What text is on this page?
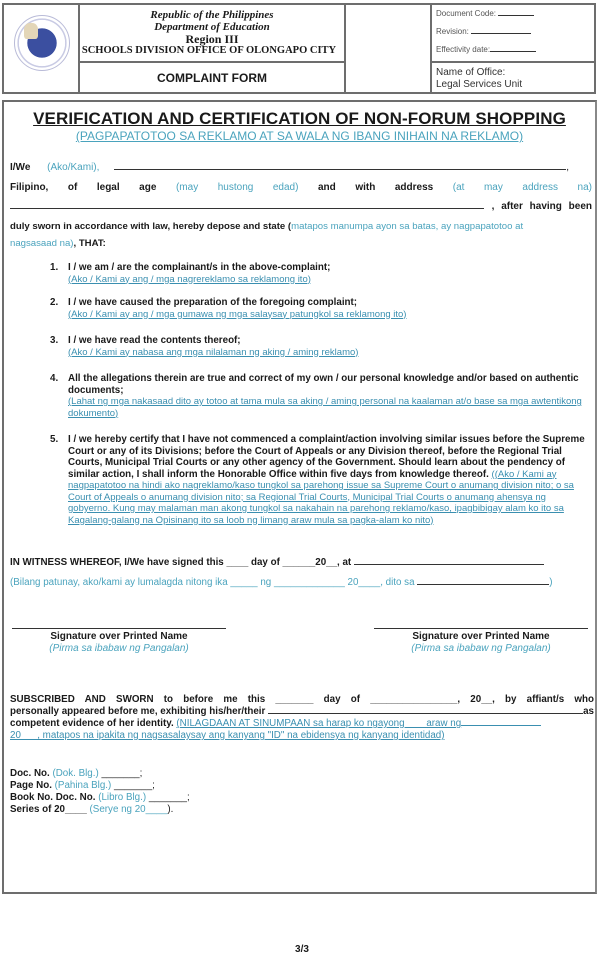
Republic of the Philippines
Department of Education
Region III
SCHOOLS DIVISION OFFICE OF OLONGAPO CITY
COMPLAINT FORM
Document Code:
Revision:
Effectivity date:
Name of Office:
Legal Services Unit
VERIFICATION AND CERTIFICATION OF NON-FORUM SHOPPING
(PAGPAPATOTOO SA REKLAMO AT SA WALA NG IBANG INIHAIN NA REKLAMO)
I/We (Ako/Kami),	,
Filipino, of legal age (may hustong edad) and with address (at may address na)
, after having been
duly sworn in accordance with law, hereby depose and state (matapos manumpa ayon sa batas, ay nagpapatotoo at
nagsasaad na), THAT:
1. I / we am / are the complainant/s in the above-complaint;
(Ako / Kami ay ang / mga nagrereklamo sa reklamong ito)
2. I / we have caused the preparation of the foregoing complaint;
(Ako / Kami ay ang / mga gumawa ng mga salaysay patungkol sa reklamong ito)
3. I / we have read the contents thereof;
(Ako / Kami ay nabasa ang mga nilalaman ng aking / aming reklamo)
4. All the allegations therein are true and correct of my own / our personal knowledge and/or based on authentic documents;
(Lahat ng mga nakasaad dito ay totoo at tama mula sa aking / aming personal na kaalaman at/o base sa mga awtentikong dokumento)
5. I / we hereby certify that I have not commenced a complaint/action involving similar issues before the Supreme Court or any of its Divisions; before the Court of Appeals or any Division thereof, before the Regional Trial Courts, Municipal Trial Courts or any other agency of the Government. Should learn about the pendency of similar action, I shall inform the Honorable Office within five days from knowledge thereof. ((Ako / Kami ay nagpapatotoo na hindi ako nagreklamo/kaso tungkol sa parehong issue sa Supreme Court o anumang division nito; o sa Court of Appeals o anumang division nito; sa Regional Trial Courts, Municipal Trial Courts o anumang ahensya ng gobyerno. Kung may malaman man akong tungkol sa nakahain na parehong reklamo/kaso, ipagbibigay alam ko ito sa Kagalang-galang na Opisinang ito sa loob ng limang araw mula sa pagka-alam ko nito)
IN WITNESS WHEREOF, I/We have signed this ____ day of ______20__, at
(Bilang patunay, ako/kami ay lumalagda nitong ika _____ ng _____________ 20____, dito sa	)
Signature over Printed Name
(Pirma sa ibabaw ng Pangalan)
Signature over Printed Name
(Pirma sa ibabaw ng Pangalan)
SUBSCRIBED AND SWORN to before me this _______ day of ________________, 20__, by affiant/s who
personally appeared before me, exhibiting his/her/their	as
competent evidence of her identity. (NILAGDAAN AT SINUMPAAN sa harap ko ngayong        araw ng
20      , matapos na ipakita ng nagsasalaysay ang kanyang "ID" na ebidensya ng kanyang identidad)
Doc. No. (Dok. Blg.) _______;
Page No. (Pahina Blg.) _______;
Book No. Doc. No. (Libro Blg.) _______;
Series of 20____ (Serye ng 20____).
3/3
